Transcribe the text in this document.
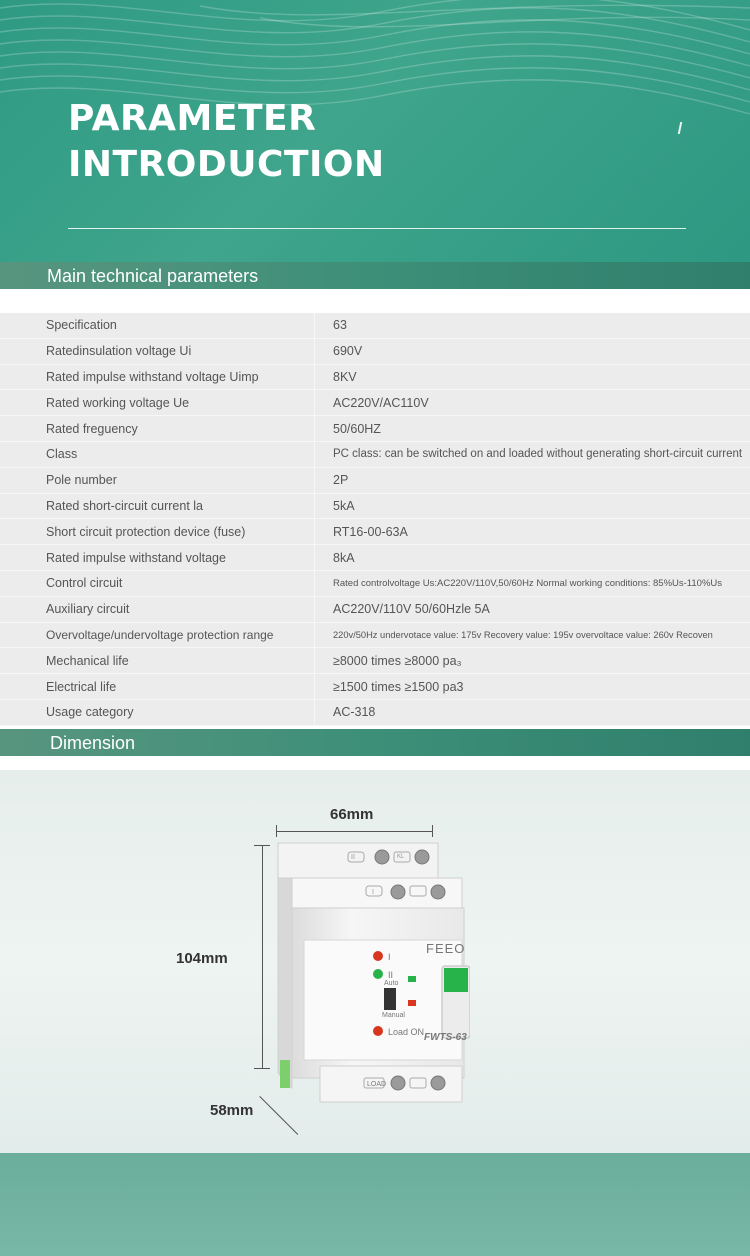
PARAMETER
INTRODUCTION
Main technical parameters
Specification	63
Ratedinsulation voltage Ui	690V
Rated impulse withstand voltage Uimp	8KV
Rated working voltage Ue	AC220V/AC110V
Rated freguency	50/60HZ
Class	PC class: can be switched on and loaded without generating short-circuit current
Pole number	2P
Rated short-circuit current la	5kA
Short circuit protection device (fuse)	RT16-00-63A
Rated impulse withstand voltage	8kA
Control circuit	Rated controlvoltage Us:AC220V/110V,50/60Hz Normal working conditions: 85%Us-110%Us
Auxiliary circuit	AC220V/110V 50/60Hzle 5A
Overvoltage/undervoltage protection range	220v/50Hz undervotace value: 175v Recovery value: 195v overvoltace value: 260v Recoven
Mechanical life	≥8000 times ≥8000 pa₃
Electrical life	≥1500 times ≥1500 pa3
Usage category	AC-318
Dimension
66mm
104mm
58mm
FEEO
FWTS-63
Load ON
I
II
Auto
Manual
LOAD
II
I
KL
